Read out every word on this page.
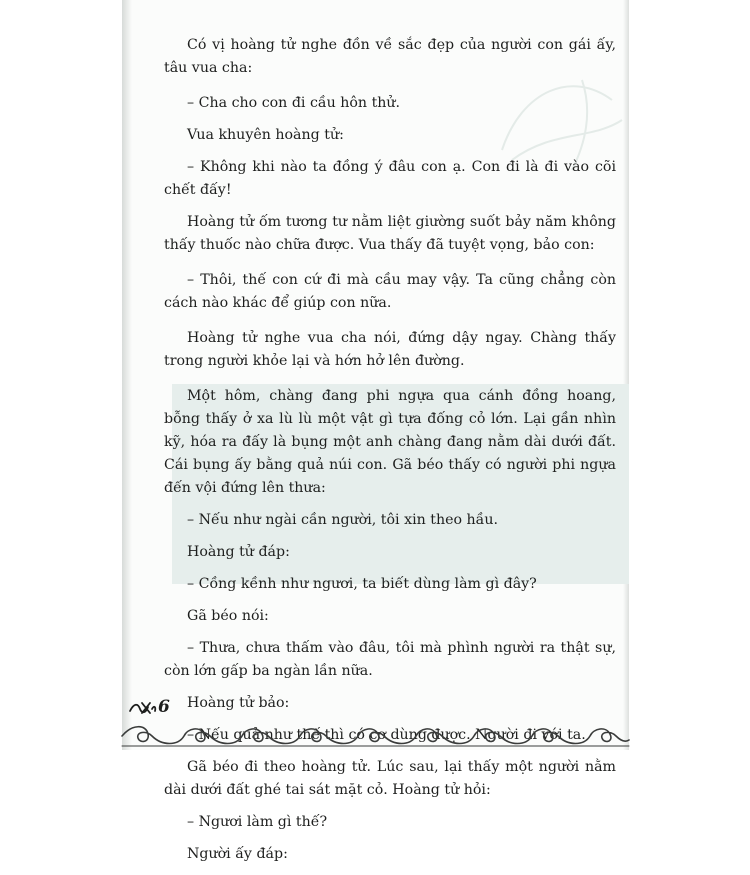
Có vị hoàng tử nghe đồn về sắc đẹp của người con gái ấy, tâu vua cha:

– Cha cho con đi cầu hôn thử.

Vua khuyên hoàng tử:

– Không khi nào ta đồng ý đâu con ạ. Con đi là đi vào cõi chết đấy!

Hoàng tử ốm tương tư nằm liệt giường suốt bảy năm không thấy thuốc nào chữa được. Vua thấy đã tuyệt vọng, bảo con:

– Thôi, thế con cứ đi mà cầu may vậy. Ta cũng chẳng còn cách nào khác để giúp con nữa.

Hoàng tử nghe vua cha nói, đứng dậy ngay. Chàng thấy trong người khỏe lại và hớn hở lên đường.

Một hôm, chàng đang phi ngựa qua cánh đồng hoang, bỗng thấy ở xa lù lù một vật gì tựa đống cỏ lớn. Lại gần nhìn kỹ, hóa ra đấy là bụng một anh chàng đang nằm dài dưới đất. Cái bụng ấy bằng quả núi con. Gã béo thấy có người phi ngựa đến vội đứng lên thưa:

– Nếu như ngài cần người, tôi xin theo hầu.

Hoàng tử đáp:

– Cồng kềnh như ngươi, ta biết dùng làm gì đây?

Gã béo nói:

– Thưa, chưa thấm vào đâu, tôi mà phình người ra thật sự, còn lớn gấp ba ngàn lần nữa.

Hoàng tử bảo:

– Nếu quả như thế thì có cơ dùng được. Người đi với ta.

Gã béo đi theo hoàng tử. Lúc sau, lại thấy một người nằm dài dưới đất ghé tai sát mặt cỏ. Hoàng tử hỏi:

– Ngươi làm gì thế?

Người ấy đáp:

6
